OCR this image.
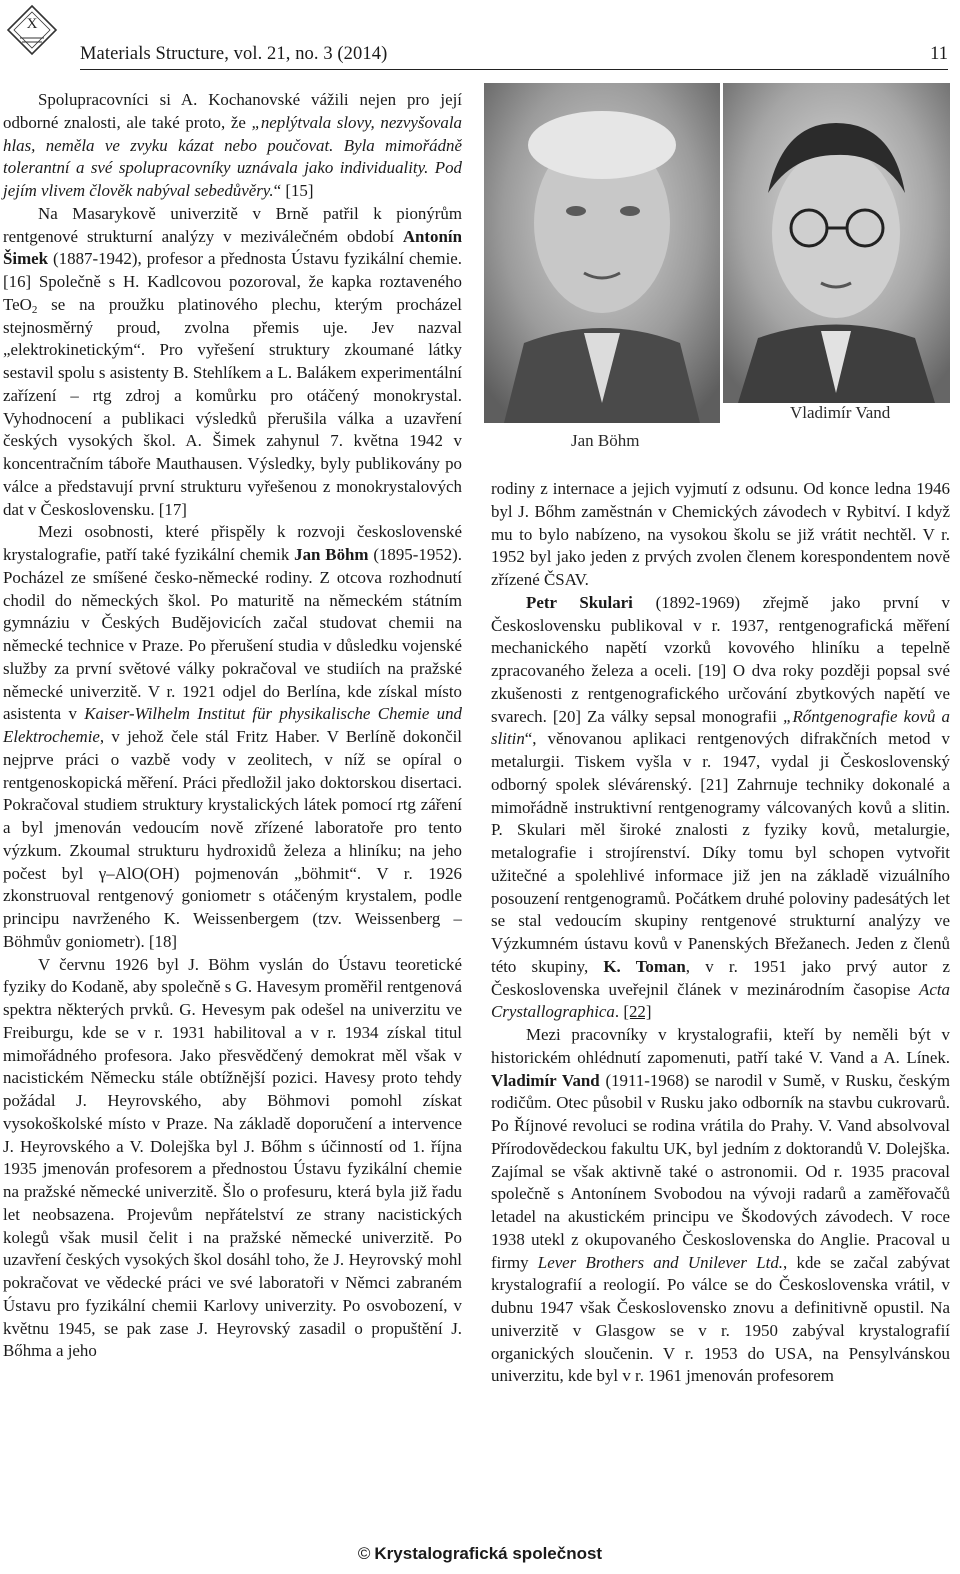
X
Materials Structure, vol. 21, no. 3 (2014)	11

Spolupracovníci si A. Kochanovské vážili nejen pro její odborné znalosti, ale také proto, že „neplýtvala slovy, nezvyšovala hlas, neměla ve zvyku kázat nebo poučovat. Byla mimořádně tolerantní a své spolupracovníky uznávala jako individuality. Pod jejím vlivem člověk nabýval sebedůvěry.“ [15]

Na Masarykově univerzitě v Brně patřil k pionýrům rentgenové strukturní analýzy v meziválečném období Antonín Šimek (1887-1942), profesor a přednosta Ústavu fyzikální chemie. [16] Společně s H. Kadlcovou pozoroval, že kapka roztaveného TeO$_2$ se na proužku platinového plechu, kterým procházel stejnosměrný proud, zvolna přemis uje. Jev nazval „elektrokinetickým“. Pro vyřešení struktury zkoumané látky sestavil spolu s asistenty B. Stehlíkem a L. Balákem experimentální zařízení – rtg zdroj a komůrku pro otáčený monokrystal. Vyhodnocení a publikaci výsledků přerušila válka a uzavření českých vysokých škol. A. Šimek zahynul 7. května 1942 v koncentračním táboře Mauthausen. Výsledky, byly publikovány po válce a představují první strukturu vyřešenou z monokrystalových dat v Československu. [17]

Mezi osobnosti, které přispěly k rozvoji československé krystalografie, patří také fyzikální chemik Jan Böhm (1895-1952). Pocházel ze smíšené česko-německé rodiny. Z otcova rozhodnutí chodil do německých škol. Po maturitě na německém státním gymnáziu v Českých Budějovicích začal studovat chemii na německé technice v Praze. Po přerušení studia v důsledku vojenské služby za první světové války pokračoval ve studiích na pražské německé univerzitě. V r. 1921 odjel do Berlína, kde získal místo asistenta v Kaiser-Wilhelm Institut für physikalische Chemie und Elektrochemie, v jehož čele stál Fritz Haber. V Berlíně dokončil nejprve práci o vazbě vody v zeolitech, v níž se opíral o rentgenoskopická měření. Práci předložil jako doktorskou disertaci. Pokračoval studiem struktury krystalických látek pomocí rtg záření a byl jmenován vedoucím nově zřízené laboratoře pro tento výzkum. Zkoumal strukturu hydroxidů železa a hliníku; na jeho počest byl γ–AlO(OH) pojmenován „böhmit“. V r. 1926 zkonstruoval rentgenový goniometr s otáčeným krystalem, podle principu navrženého K. Weissenbergem (tzv. Weissenberg – Böhmův goniometr). [18]

V červnu 1926 byl J. Böhm vyslán do Ústavu teoretické fyziky do Kodaně, aby společně s G. Havesym proměřil rentgenová spektra některých prvků. G. Hevesym pak odešel na univerzitu ve Freiburgu, kde se v r. 1931 habilitoval a v r. 1934 získal titul mimořádného profesora. Jako přesvědčený demokrat měl však v nacistickém Německu stále obtížnější pozici. Havesy proto tehdy požádal J. Heyrovského, aby Böhmovi pomohl získat vysokoškolské místo v Praze. Na základě doporučení a intervence J. Heyrovského a V. Dolejška byl J. Bőhm s účinností od 1. října 1935 jmenován profesorem a přednostou Ústavu fyzikální chemie na pražské německé univerzitě. Šlo o profesuru, která byla již řadu let neobsazena. Projevům nepřátelství ze strany nacistických kolegů však musil čelit i na pražské německé univerzitě. Po uzavření českých vysokých škol dosáhl toho, že J. Heyrovský mohl pokračovat ve vědecké práci ve své laboratoři v Němci zabraném Ústavu pro fyzikální chemii Karlovy univerzity. Po osvobození, v květnu 1945, se pak zase J. Heyrovský zasadil o propuštění J. Bőhma a jeho

Jan Böhm
Vladimír Vand

rodiny z internace a jejich vyjmutí z odsunu. Od konce ledna 1946 byl J. Bőhm zaměstnán v Chemických závodech v Rybitví. I když mu to bylo nabízeno, na vysokou školu se již vrátit nechtěl. V r. 1952 byl jako jeden z prvých zvolen členem korespondentem nově zřízené ČSAV.

Petr Skulari (1892-1969) zřejmě jako první v Československu publikoval v r. 1937, rentgenografická měření mechanického napětí vzorků kovového hliníku a tepelně zpracovaného železa a oceli. [19] O dva roky později popsal své zkušenosti z rentgenografického určování zbytkových napětí ve svarech. [20] Za války sepsal monografii „Rőntgenografie kovů a slitin“, věnovanou aplikaci rentgenových difrakčních metod v metalurgii. Tiskem vyšla v r. 1947, vydal ji Československý odborný spolek slévárenský. [21] Zahrnuje techniky dokonalé a mimořádně instruktivní rentgenogramy válcovaných kovů a slitin. P. Skulari měl široké znalosti z fyziky kovů, metalurgie, metalografie i strojírenství. Díky tomu byl schopen vytvořit užitečné a spolehlivé informace již jen na základě vizuálního posouzení rentgenogramů. Počátkem druhé poloviny padesátých let se stal vedoucím skupiny rentgenové strukturní analýzy ve Výzkumném ústavu kovů v Panenských Břežanech. Jeden z členů této skupiny, K. Toman, v r. 1951 jako prvý autor z Československa uveřejnil článek v mezinárodním časopise Acta Crystallographica. [22]

Mezi pracovníky v krystalografii, kteří by neměli být v historickém ohlédnutí zapomenuti, patří také V. Vand a A. Línek. Vladimír Vand (1911-1968) se narodil v Sumě, v Rusku, českým rodičům. Otec působil v Rusku jako odborník na stavbu cukrovarů. Po Říjnové revoluci se rodina vrátila do Prahy. V. Vand absolvoval Přírodovědeckou fakultu UK, byl jedním z doktorandů V. Dolejška. Zajímal se však aktivně také o astronomii. Od r. 1935 pracoval společně s Antonínem Svobodou na vývoji radarů a zaměřovačů letadel na akustickém principu ve Škodových závodech. V roce 1938 utekl z okupovaného Československa do Anglie. Pracoval u firmy Lever Brothers and Unilever Ltd., kde se začal zabývat krystalografií a reologií. Po válce se do Československa vrátil, v dubnu 1947 však Československo znovu a definitivně opustil. Na univerzitě v Glasgow se v r. 1950 zabýval krystalografií organických sloučenin. V r. 1953 do USA, na Pensylvánskou univerzitu, kde byl v r. 1961 jmenován profesorem

© Krystalografická společnost
